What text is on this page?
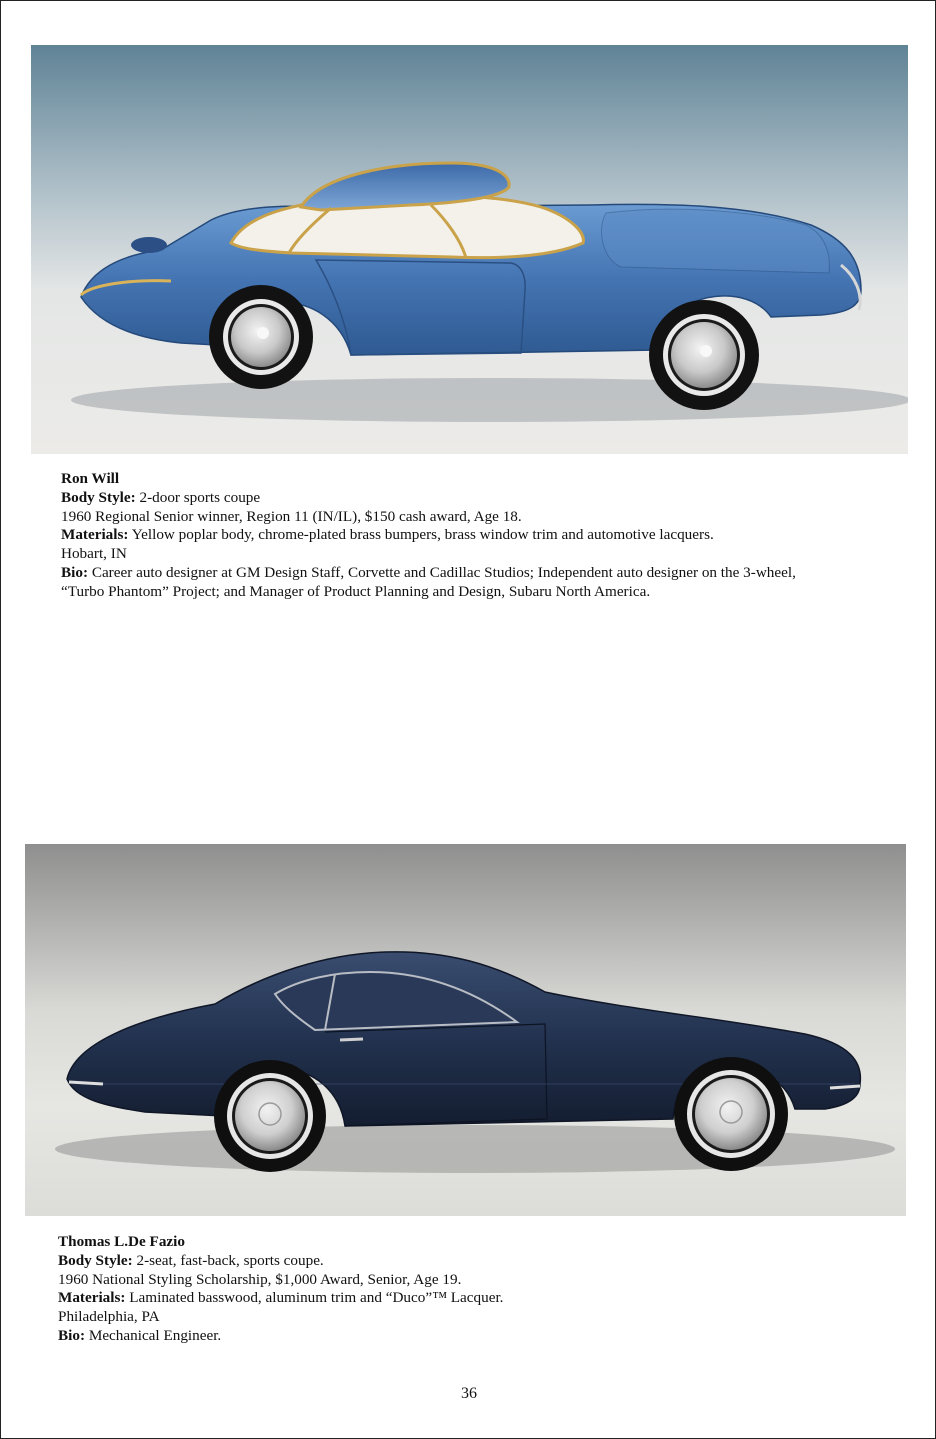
Ron Will
Body Style: 2-door sports coupe
1960 Regional Senior winner, Region 11 (IN/IL), $150 cash award, Age 18.
Materials: Yellow poplar body, chrome-plated brass bumpers, brass window trim and automotive lacquers.
Hobart, IN
Bio: Career auto designer at GM Design Staff, Corvette and Cadillac Studios; Independent auto designer on the 3-wheel,
“Turbo Phantom” Project; and Manager of Product Planning and Design, Subaru North America.
Thomas L.De Fazio
Body Style: 2-seat, fast-back, sports coupe.
1960 National Styling Scholarship, $1,000 Award, Senior, Age 19.
Materials: Laminated basswood, aluminum trim and “Duco”™ Lacquer.
Philadelphia, PA
Bio: Mechanical Engineer.
36
